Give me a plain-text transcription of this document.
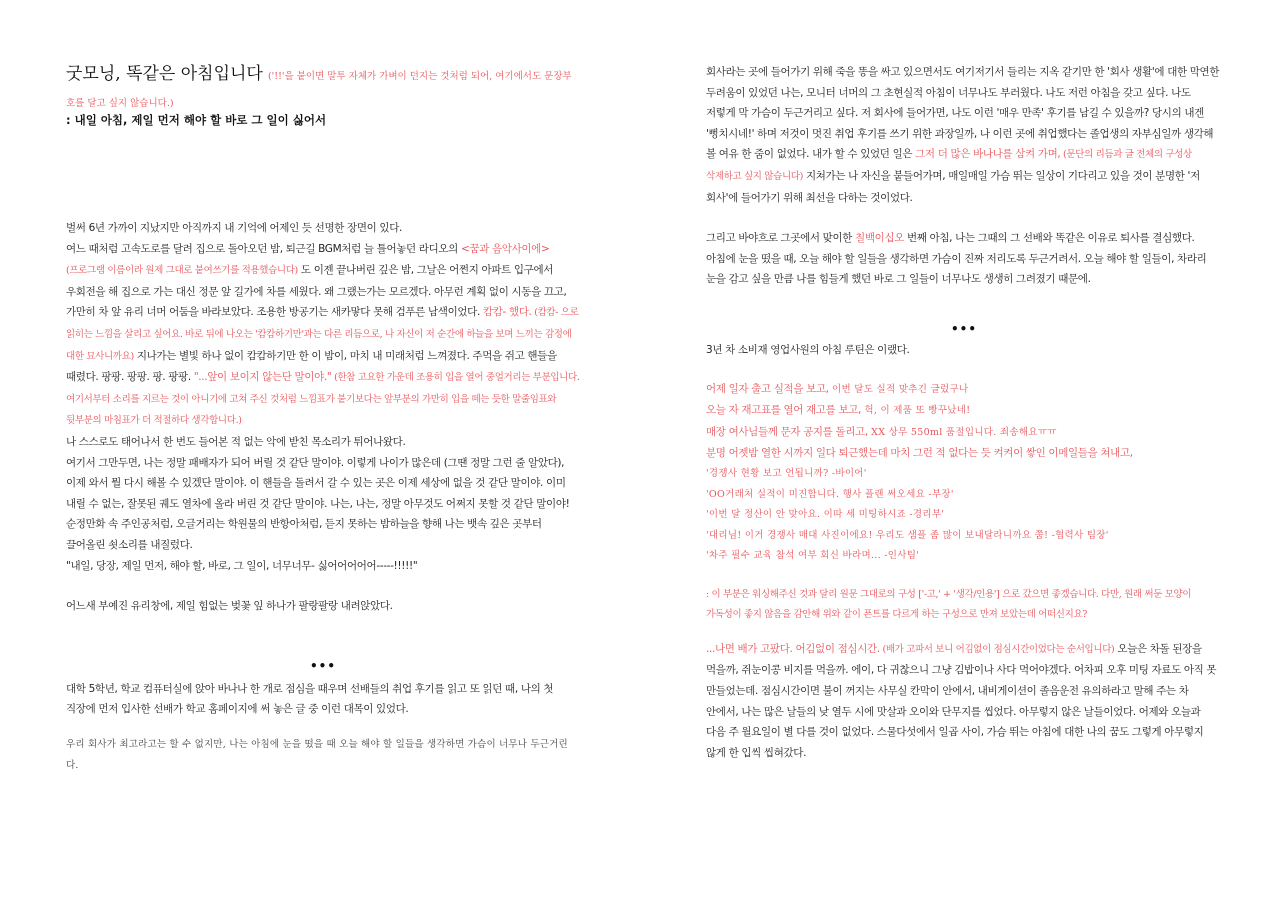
굿모닝, 똑같은 아침입니다 ('!!'을 붙이면 말투 자체가 가벼이 던지는 것처럼 되어, 여기에서도 문장부호를 달고 싶지 않습니다.)
: 내일 아침, 제일 먼저 해야 할 바로 그 일이 싫어서

벌써 6년 가까이 지났지만 아직까지 내 기억에 어제인 듯 선명한 장면이 있다.

여느 때처럼 고속도로를 달려 집으로 돌아오던 밤, 퇴근길 BGM처럼 늘 틀어놓던 라디오의 <꿈과 음악사이에> (프로그램 이름이라 원제 그대로 붙여쓰기를 적용했습니다) 도 이젠 끝나버린 깊은 밤, 그날은 어쩐지 아파트 입구에서 우회전을 해 집으로 가는 대신 정문 앞 길가에 차를 세웠다. 왜 그랬는가는 모르겠다. 아무런 계획 없이 시동을 끄고, 가만히 차 앞 유리 너머 어둠을 바라보았다. 조용한 방공기는 새카맣다 못해 검푸른 남색이었다. 캄캄- 했다. (캄캄- 으로 읽히는 느낌을 살리고 싶어요. 바로 뒤에 나오는 '캄캄하기만'과는 다른 리듬으로, 나 자신이 저 순간에 하늘을 보며 느끼는 감정에 대한 묘사니까요) 지나가는 별빛 하나 없이 캄캄하기만 한 이 밤이, 마치 내 미래처럼 느껴졌다. 주먹을 쥐고 핸들을 때렸다. 팡팡. 팡팡. 팡. 팡팡. "...앞이 보이지 않는단 말이야." (한참 고요한 가운데 조용히 입을 열어 중얼거리는 부분입니다. 여기서부터 소리를 지르는 것이 아니기에 고쳐 주신 것처럼 느낌표가 붙기보다는 앞부분의 가만히 입을 떼는 듯한 말줄임표와 뒷부분의 마침표가 더 적절하다 생각합니다.)

나 스스로도 태어나서 한 번도 들어본 적 없는 악에 받친 목소리가 튀어나왔다.

여기서 그만두면, 나는 정말 패배자가 되어 버릴 것 같단 말이야. 이렇게 나이가 많은데 (그땐 정말 그런 줄 알았다), 이제 와서 뭘 다시 해볼 수 있겠단 말이야. 이 핸들을 돌려서 갈 수 있는 곳은 이제 세상에 없을 것 같단 말이야. 이미 내릴 수 없는, 잘못된 궤도 열차에 올라 버린 것 같단 말이야. 나는, 나는, 정말 아무것도 어쩌지 못할 것 같단 말이야!

순정만화 속 주인공처럼, 오글거리는 학원물의 반항아처럼, 듣지 못하는 밤하늘을 향해 나는 뱃속 깊은 곳부터 끌어올린 쇳소리를 내질렀다.

"내일, 당장, 제일 먼저, 해야 할, 바로, 그 일이, 너무너무- 싫어어어어어-----!!!!!"

어느새 부예진 유리창에, 제일 힘없는 벚꽃 잎 하나가 팔랑팔랑 내려앉았다.

•••

대학 5학년, 학교 컴퓨터실에 앉아 바나나 한 개로 점심을 때우며 선배들의 취업 후기를 읽고 또 읽던 때, 나의 첫 직장에 먼저 입사한 선배가 학교 홈페이지에 써 놓은 글 중 이런 대목이 있었다.

우리 회사가 최고라고는 할 수 없지만, 나는 아침에 눈을 떴을 때 오늘 해야 할 일들을 생각하면 가슴이 너무나 두근거린다.

회사라는 곳에 들어가기 위해 죽을 똥을 싸고 있으면서도 여기저기서 들리는 지옥 같기만 한 '회사 생활'에 대한 막연한 두려움이 있었던 나는, 모니터 너머의 그 초현실적 아침이 너무나도 부러웠다. 나도 저런 아침을 갖고 싶다. 나도 저렇게 막 가슴이 두근거리고 싶다. 저 회사에 들어가면, 나도 이런 '매우 만족' 후기를 남길 수 있을까? 당시의 내겐 '뻥치시네!' 하며 저것이 멋진 취업 후기를 쓰기 위한 과장일까, 나 이런 곳에 취업했다는 졸업생의 자부심일까 생각해 볼 여유 한 줌이 없었다. 내가 할 수 있었던 일은 그저 더 많은 바나나를 삼켜 가며, (문단의 리듬과 글 전체의 구성상 삭제하고 싶지 않습니다) 지쳐가는 나 자신을 붙들어가며, 매일매일 가슴 뛰는 일상이 기다리고 있을 것이 분명한 '저 회사'에 들어가기 위해 최선을 다하는 것이었다.

그리고 바야흐로 그곳에서 맞이한 칠백이십오 번째 아침, 나는 그때의 그 선배와 똑같은 이유로 퇴사를 결심했다. 아침에 눈을 떴을 때, 오늘 해야 할 일들을 생각하면 가슴이 진짜 저리도록 두근거려서. 오늘 해야 할 일들이, 차라리 눈을 감고 싶을 만큼 나를 힘들게 했던 바로 그 일들이 너무나도 생생히 그려졌기 때문에.

•••

3년 차 소비재 영업사원의 아침 루틴은 이랬다.

어제 일자 출고 실적을 보고, 이번 달도 실적 맞추긴 글렀구나

오늘 자 재고표를 열어 재고를 보고, 헉, 이 제품 또 빵꾸났네!

매장 여사님들께 문자 공지를 돌리고, XX 상무 550ml 품절입니다. 죄송해요ㅠㅠ

분명 어젯밤 열한 시까지 일다 퇴근했는데 마치 그런 적 없다는 듯 켜켜이 쌓인 이메일들을 쳐내고,

'경쟁사 현황 보고 언됩니까? -바이어'

'OO거래처 실적이 미진합니다. 행사 플랜 써오세요 -부장'

'이번 달 정산이 안 맞아요. 이따 세 미팅하시죠 -경리부'

'대리님! 이거 경쟁사 매대 사진이에요! 우리도 샘플 좀 많이 보내달라니까요 쭘! -협력사 팀장'

'차주 필수 교육 참석 여부 회신 바라며... -인사팀'

: 이 부분은 워싱해주신 것과 달리 원문 그대로의 구성 ['-고,' + '생각/인용'] 으로 갔으면 좋겠습니다. 다만, 원래 써둔 모양이 가독성이 좋지 않음을 감안해 위와 같이 폰트를 다르게 하는 구성으로 만져 보았는데 어떠신지요?

...나면 배가 고팠다. 어김없이 점심시간. (배가 고파서 보니 어김없이 점심시간이었다는 순서입니다) 오늘은 차돌 된장을 먹을까, 쥐눈이콩 비지를 먹을까. 에이, 다 귀찮으니 그냥 김밥이나 사다 먹어야겠다. 어차피 오후 미팅 자료도 아직 못 만들었는데. 점심시간이면 불이 꺼지는 사무실 칸막이 안에서, 내비게이션이 졸음운전 유의하라고 말해 주는 차 안에서, 나는 많은 날들의 낮 열두 시에 맛살과 오이와 단무지를 씹었다. 아무렇지 않은 날들이었다. 어제와 오늘과 다음 주 월요일이 별 다를 것이 없었다. 스물다섯에서 일곱 사이, 가슴 뛰는 아침에 대한 나의 꿈도 그렇게 아무렇지 않게 한 입씩 씹혀갔다.
